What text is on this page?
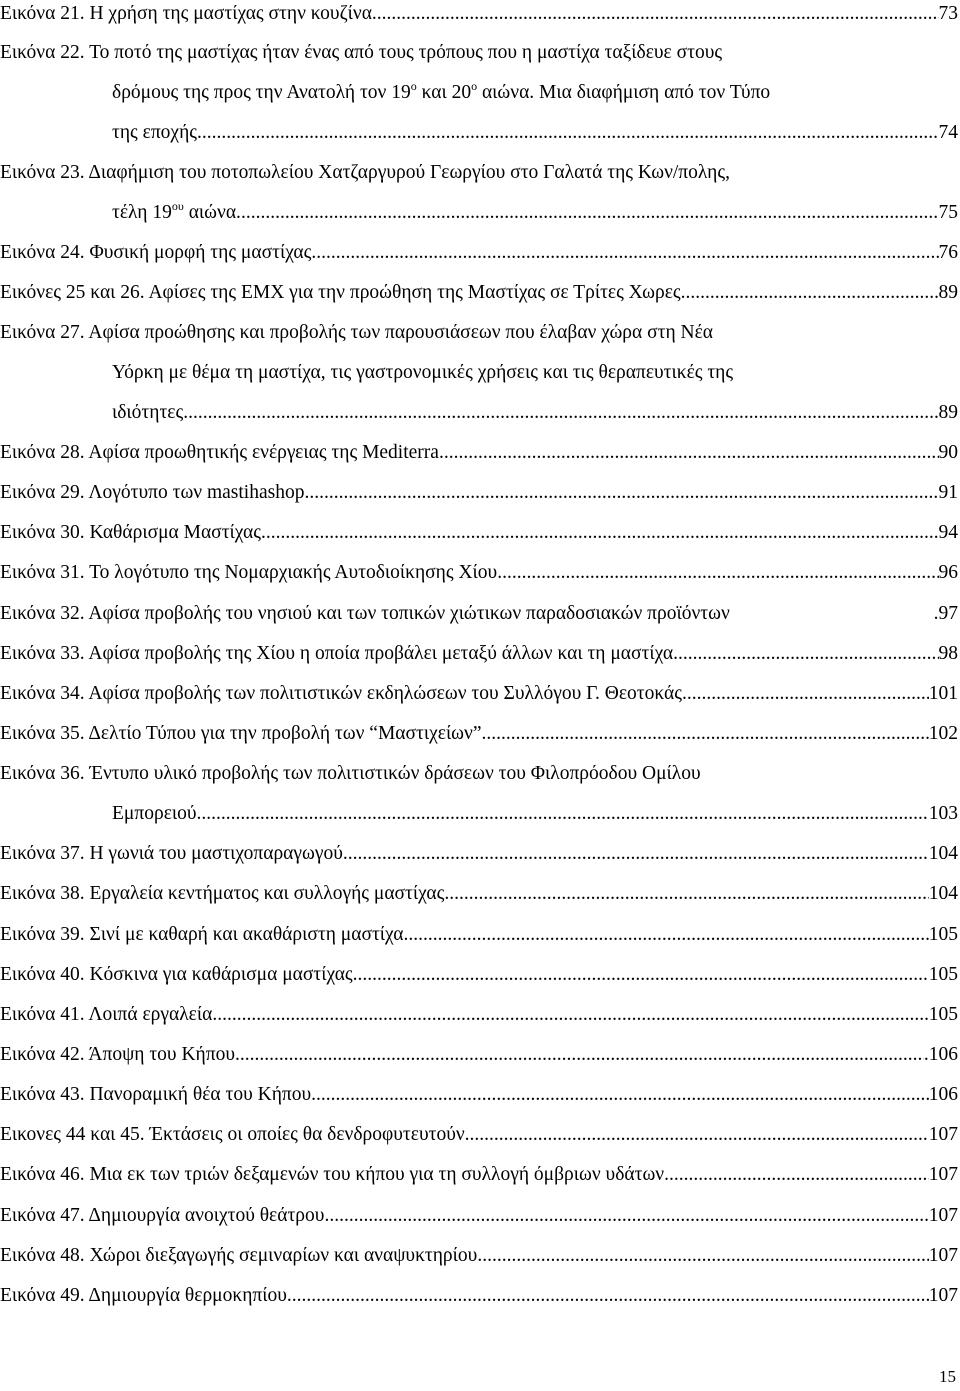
Εικόνα 21. Η χρήση της μαστίχας στην κουζίνα .....	73
Εικόνα 22. Το ποτό της μαστίχας ήταν ένας από τους τρόπους που η μαστίχα ταξίδευε στους
δρόμους της προς την Ανατολή τον $19^o$ και $20^o$ αιώνα. Μια διαφήμιση από τον Τύπο
της εποχής. .....	74
Εικόνα 23. Διαφήμιση του ποτοπωλείου Χατζαργυρού Γεωργίου στο Γαλατά της Κων/πολης,
τέλη $19^{o\upsilon}$ αιώνα. .....	75
Εικόνα 24. Φυσική μορφή της μαστίχας .....	76
Εικόνες 25 και 26. Αφίσες της ΕΜΧ για την προώθηση της Μαστίχας σε Τρίτες Χωρες. .....	89
Εικόνα 27. Αφίσα προώθησης και προβολής των παρουσιάσεων που έλαβαν χώρα στη Νέα
Υόρκη με θέμα τη μαστίχα, τις γαστρονομικές χρήσεις και τις θεραπευτικές της
ιδιότητες .....	89
Εικόνα 28. Αφίσα προωθητικής ενέργειας της Mediterra .....	90
Εικόνα 29. Λογότυπο των mastihashop .....	91
Εικόνα 30. Καθάρισμα Μαστίχας. .....	94
Εικόνα 31. Το λογότυπο της Νομαρχιακής Αυτοδιοίκησης Χίου .....	96
Εικόνα 32. Αφίσα προβολής του νησιού και των τοπικών χιώτικων παραδοσιακών προϊόντων	.97
Εικόνα 33. Αφίσα προβολής της Χίου η οποία προβάλει μεταξύ άλλων και τη μαστίχα .....	98
Εικόνα 34. Αφίσα προβολής των πολιτιστικών εκδηλώσεων του Συλλόγου Γ. Θεοτοκάς .....	101
Εικόνα 35. Δελτίο Τύπου για την προβολή των “Μαστιχείων” .....	102
Εικόνα 36. Έντυπο υλικό προβολής των πολιτιστικών δράσεων του Φιλοπρόοδου Ομίλου
Εμπορειού .....	103
Εικόνα 37. Η γωνιά του μαστιχοπαραγωγού .....	104
Εικόνα 38. Εργαλεία κεντήματος και συλλογής μαστίχας .....	104
Εικόνα 39. Σινί με καθαρή και ακαθάριστη μαστίχα .....	105
Εικόνα 40. Κόσκινα για καθάρισμα μαστίχας .....	105
Εικόνα 41. Λοιπά εργαλεία .....	105
Εικόνα 42. Άποψη του Κήπου .....	.106
Εικόνα 43. Πανοραμική θέα του Κήπου .....	106
Εικονες 44 και 45. Έκτάσεις οι οποίες θα δενδροφυτευτούν .....	107
Εικόνα 46. Μια εκ των τριών δεξαμενών του κήπου για τη συλλογή όμβριων υδάτων .....	107
Εικόνα 47. Δημιουργία ανοιχτού θεάτρου .....	107
Εικόνα 48. Χώροι διεξαγωγής σεμιναρίων και αναψυκτηρίου .....	107
Εικόνα 49. Δημιουργία θερμοκηπίου .....	107
15
